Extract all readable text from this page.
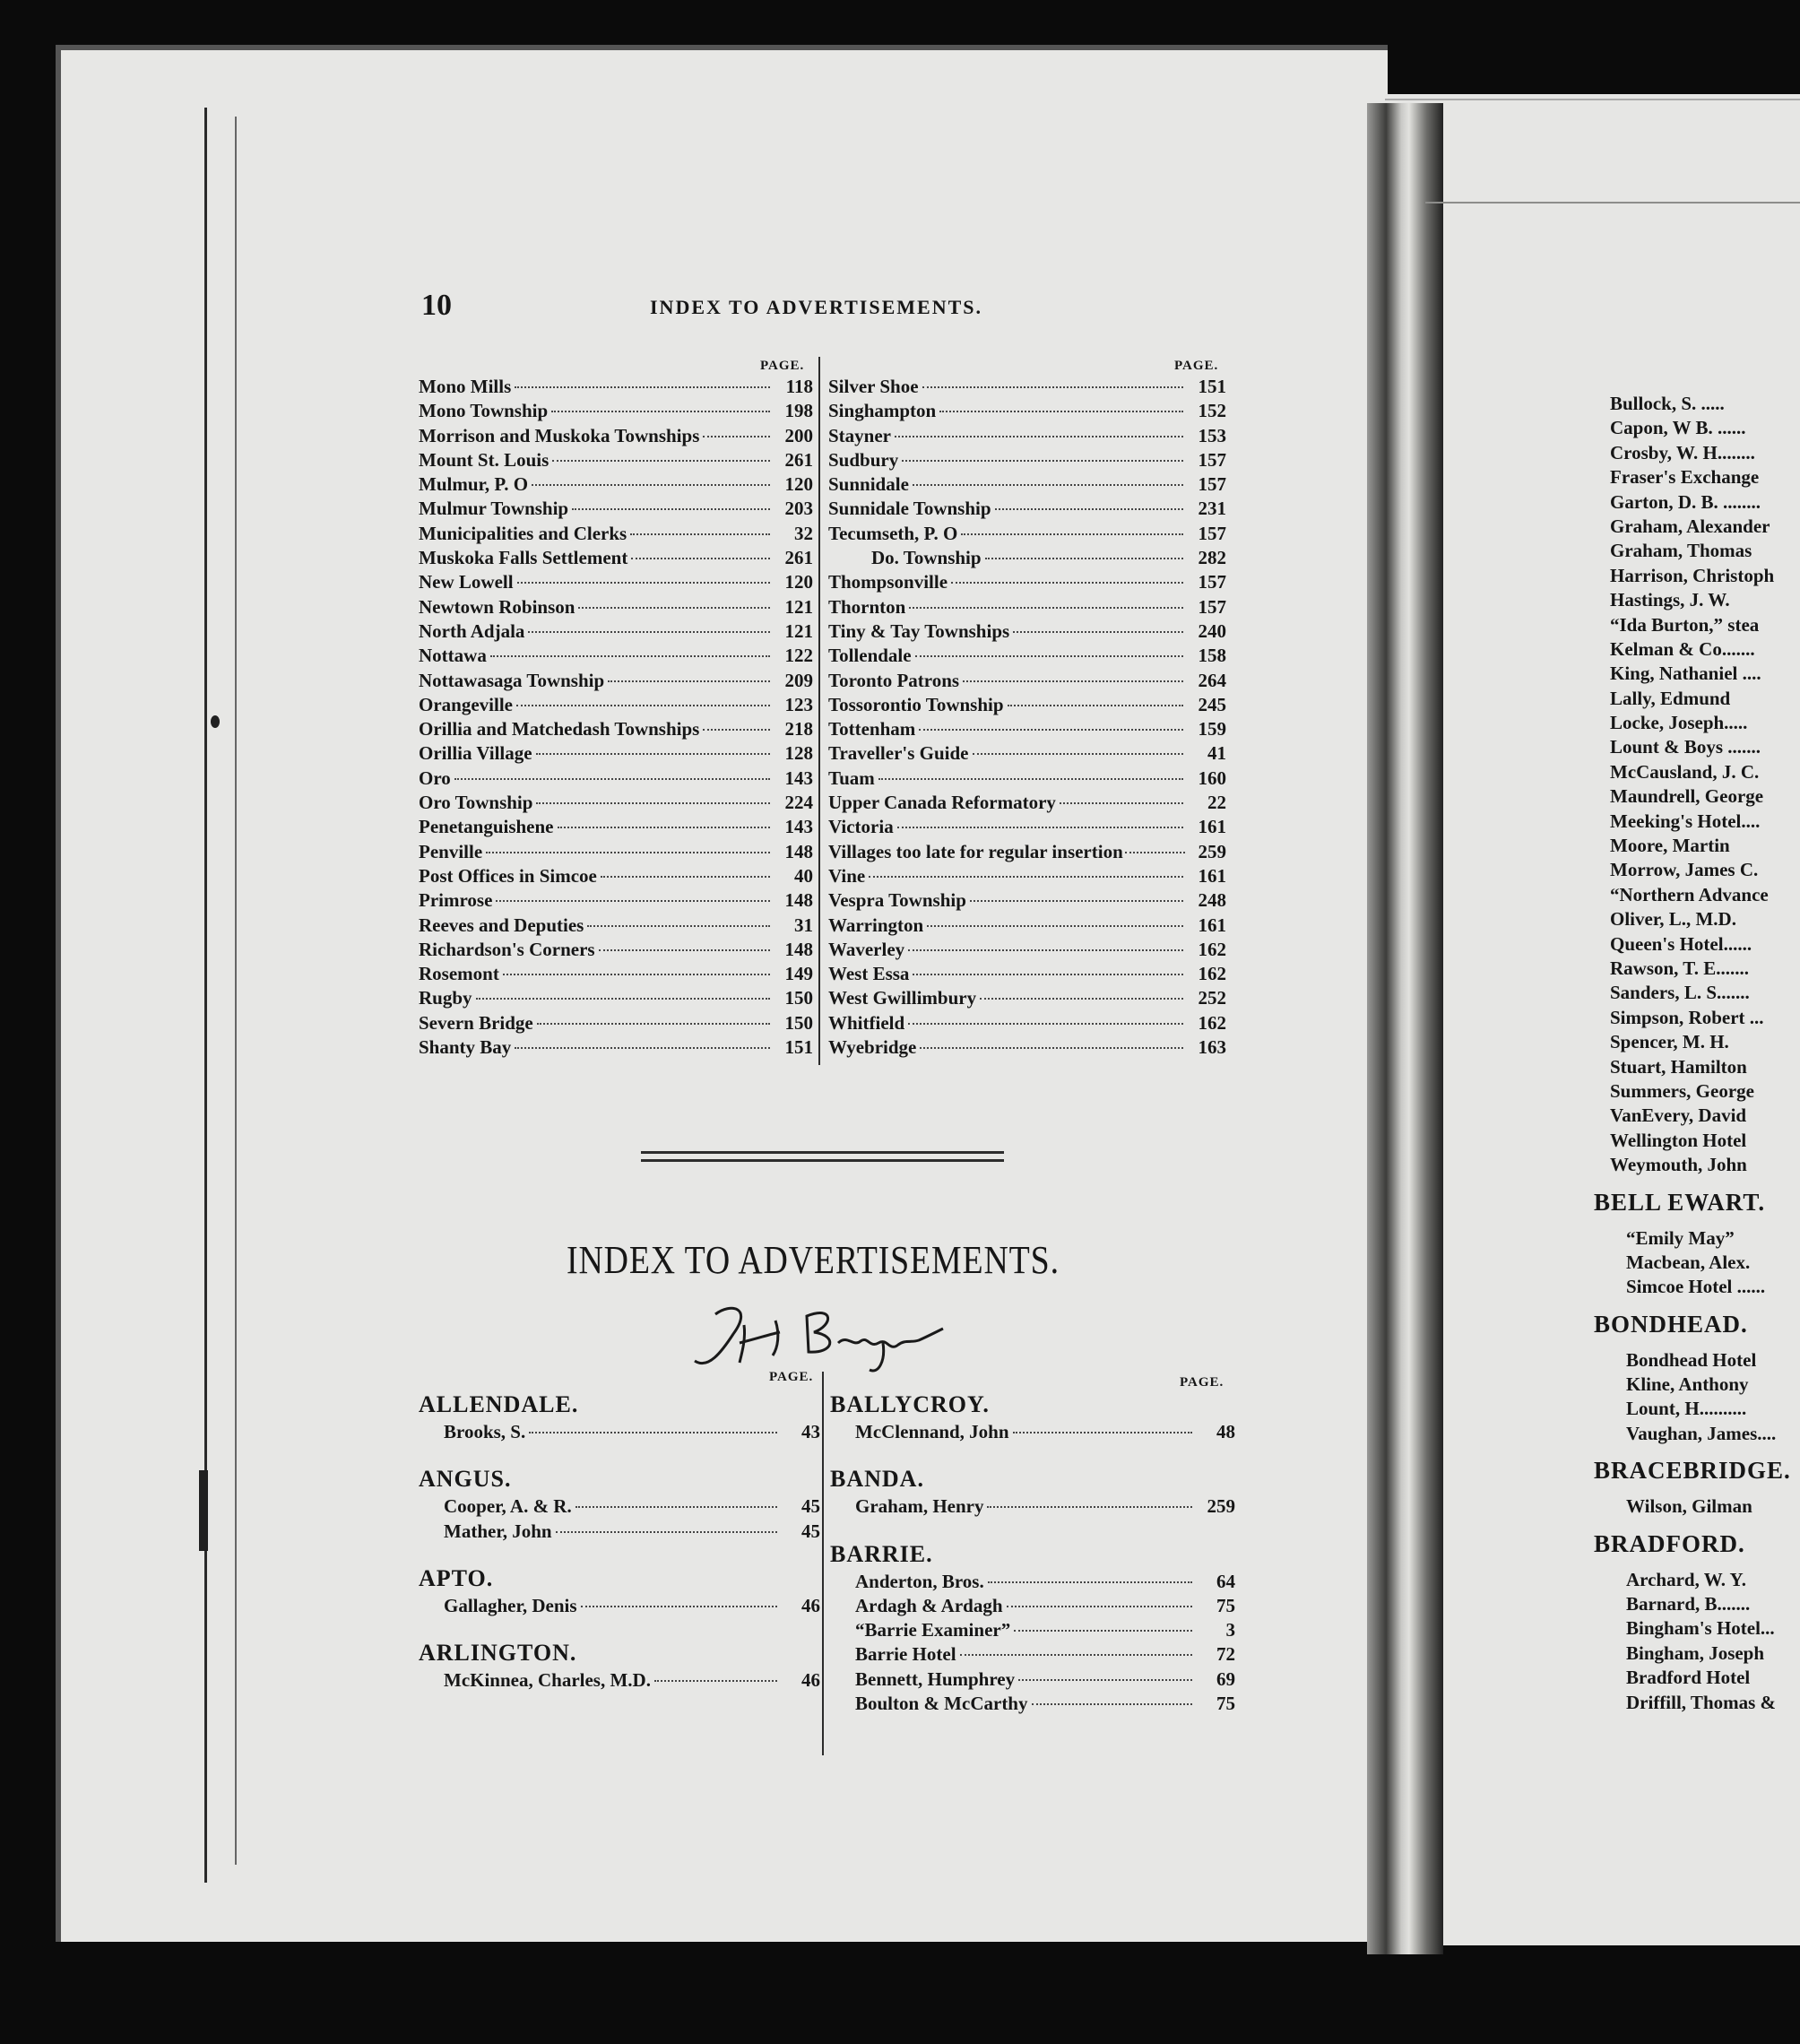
10	INDEX TO ADVERTISEMENTS.
PAGE.	PAGE.
Mono Mills	118
Mono Township	198
Morrison and Muskoka Townships	200
Mount St. Louis	261
Mulmur, P. O	120
Mulmur Township	203
Municipalities and Clerks	32
Muskoka Falls Settlement	261
New Lowell	120
Newtown Robinson	121
North Adjala	121
Nottawa	122
Nottawasaga Township	209
Orangeville	123
Orillia and Matchedash Townships	218
Orillia Village	128
Oro	143
Oro Township	224
Penetanguishene	143
Penville	148
Post Offices in Simcoe	40
Primrose	148
Reeves and Deputies	31
Richardson's Corners	148
Rosemont	149
Rugby	150
Severn Bridge	150
Shanty Bay	151
Silver Shoe	151
Singhampton	152
Stayner	153
Sudbury	157
Sunnidale	157
Sunnidale Township	231
Tecumseth, P. O	157
Do. Township	282
Thompsonville	157
Thornton	157
Tiny & Tay Townships	240
Tollendale	158
Toronto Patrons	264
Tossorontio Township	245
Tottenham	159
Traveller's Guide	41
Tuam	160
Upper Canada Reformatory	22
Victoria	161
Villages too late for regular insertion	259
Vine	161
Vespra Township	248
Warrington	161
Waverley	162
West Essa	162
West Gwillimbury	252
Whitfield	162
Wyebridge	163
INDEX TO ADVERTISEMENTS.
PAGE.	PAGE.
ALLENDALE.
Brooks, S.	43
ANGUS.
Cooper, A. & R.	45
Mather, John	45
APTO.
Gallagher, Denis	46
ARLINGTON.
McKinnea, Charles, M.D.	46
BALLYCROY.
McClennand, John	48
BANDA.
Graham, Henry	259
BARRIE.
Anderton, Bros.	64
Ardagh & Ardagh	75
“Barrie Examiner”	3
Barrie Hotel	72
Bennett, Humphrey	69
Boulton & McCarthy	75
Bullock, S. .....
Capon, W B. ......
Crosby, W. H........
Fraser's Exchange
Garton, D. B. ........
Graham, Alexander
Graham, Thomas
Harrison, Christoph
Hastings, J. W.
“Ida Burton,” stea
Kelman & Co.......
King, Nathaniel ....
Lally, Edmund
Locke, Joseph.....
Lount & Boys .......
McCausland, J. C.
Maundrell, George
Meeking's Hotel....
Moore, Martin
Morrow, James C.
“Northern Advance
Oliver, L., M.D.
Queen's Hotel......
Rawson, T. E.......
Sanders, L. S.......
Simpson, Robert ...
Spencer, M. H.
Stuart, Hamilton
Summers, George
VanEvery, David
Wellington Hotel
Weymouth, John
BELL EWART.
“Emily May”
Macbean, Alex.
Simcoe Hotel ......
BONDHEAD.
Bondhead Hotel
Kline, Anthony
Lount, H..........
Vaughan, James....
BRACEBRIDGE.
Wilson, Gilman
BRADFORD.
Archard, W. Y.
Barnard, B.......
Bingham's Hotel...
Bingham, Joseph
Bradford Hotel
Driffill, Thomas &
